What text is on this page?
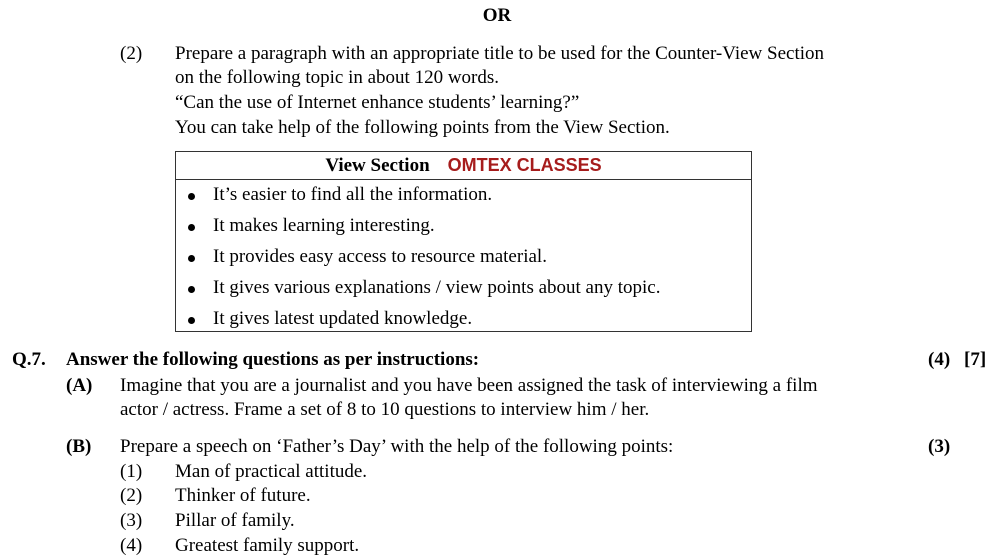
OR
(2) Prepare a paragraph with an appropriate title to be used for the Counter-View Section
on the following topic in about 120 words.
“Can the use of Internet enhance students’ learning?”
You can take help of the following points from the View Section.
View Section OMTEX CLASSES
It’s easier to find all the information.
It makes learning interesting.
It provides easy access to resource material.
It gives various explanations / view points about any topic.
It gives latest updated knowledge.
Q.7. Answer the following questions as per instructions:	(4) [7]
(A) Imagine that you are a journalist and you have been assigned the task of interviewing a film
actor / actress. Frame a set of 8 to 10 questions to interview him / her.
(B) Prepare a speech on ‘Father’s Day’ with the help of the following points:	(3)
(1) Man of practical attitude.
(2) Thinker of future.
(3) Pillar of family.
(4) Greatest family support.
